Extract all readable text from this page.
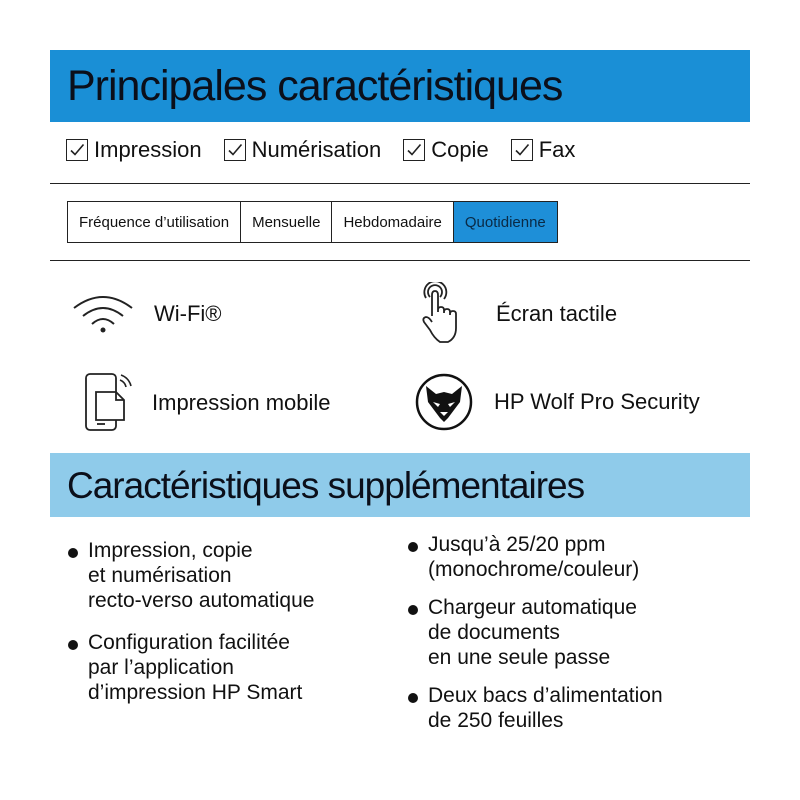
Principales caractéristiques
Impression Numérisation Copie Fax
Fréquence d’utilisation	Mensuelle	Hebdomadaire	Quotidienne
Wi-Fi®	Écran tactile
Impression mobile	HP Wolf Pro Security
Caractéristiques supplémentaires
Impression, copie
et numérisation
recto-verso automatique
Configuration facilitée
par l’application
d’impression HP Smart
Jusqu’à 25/20 ppm
(monochrome/couleur)
Chargeur automatique
de documents
en une seule passe
Deux bacs d’alimentation
de 250 feuilles
